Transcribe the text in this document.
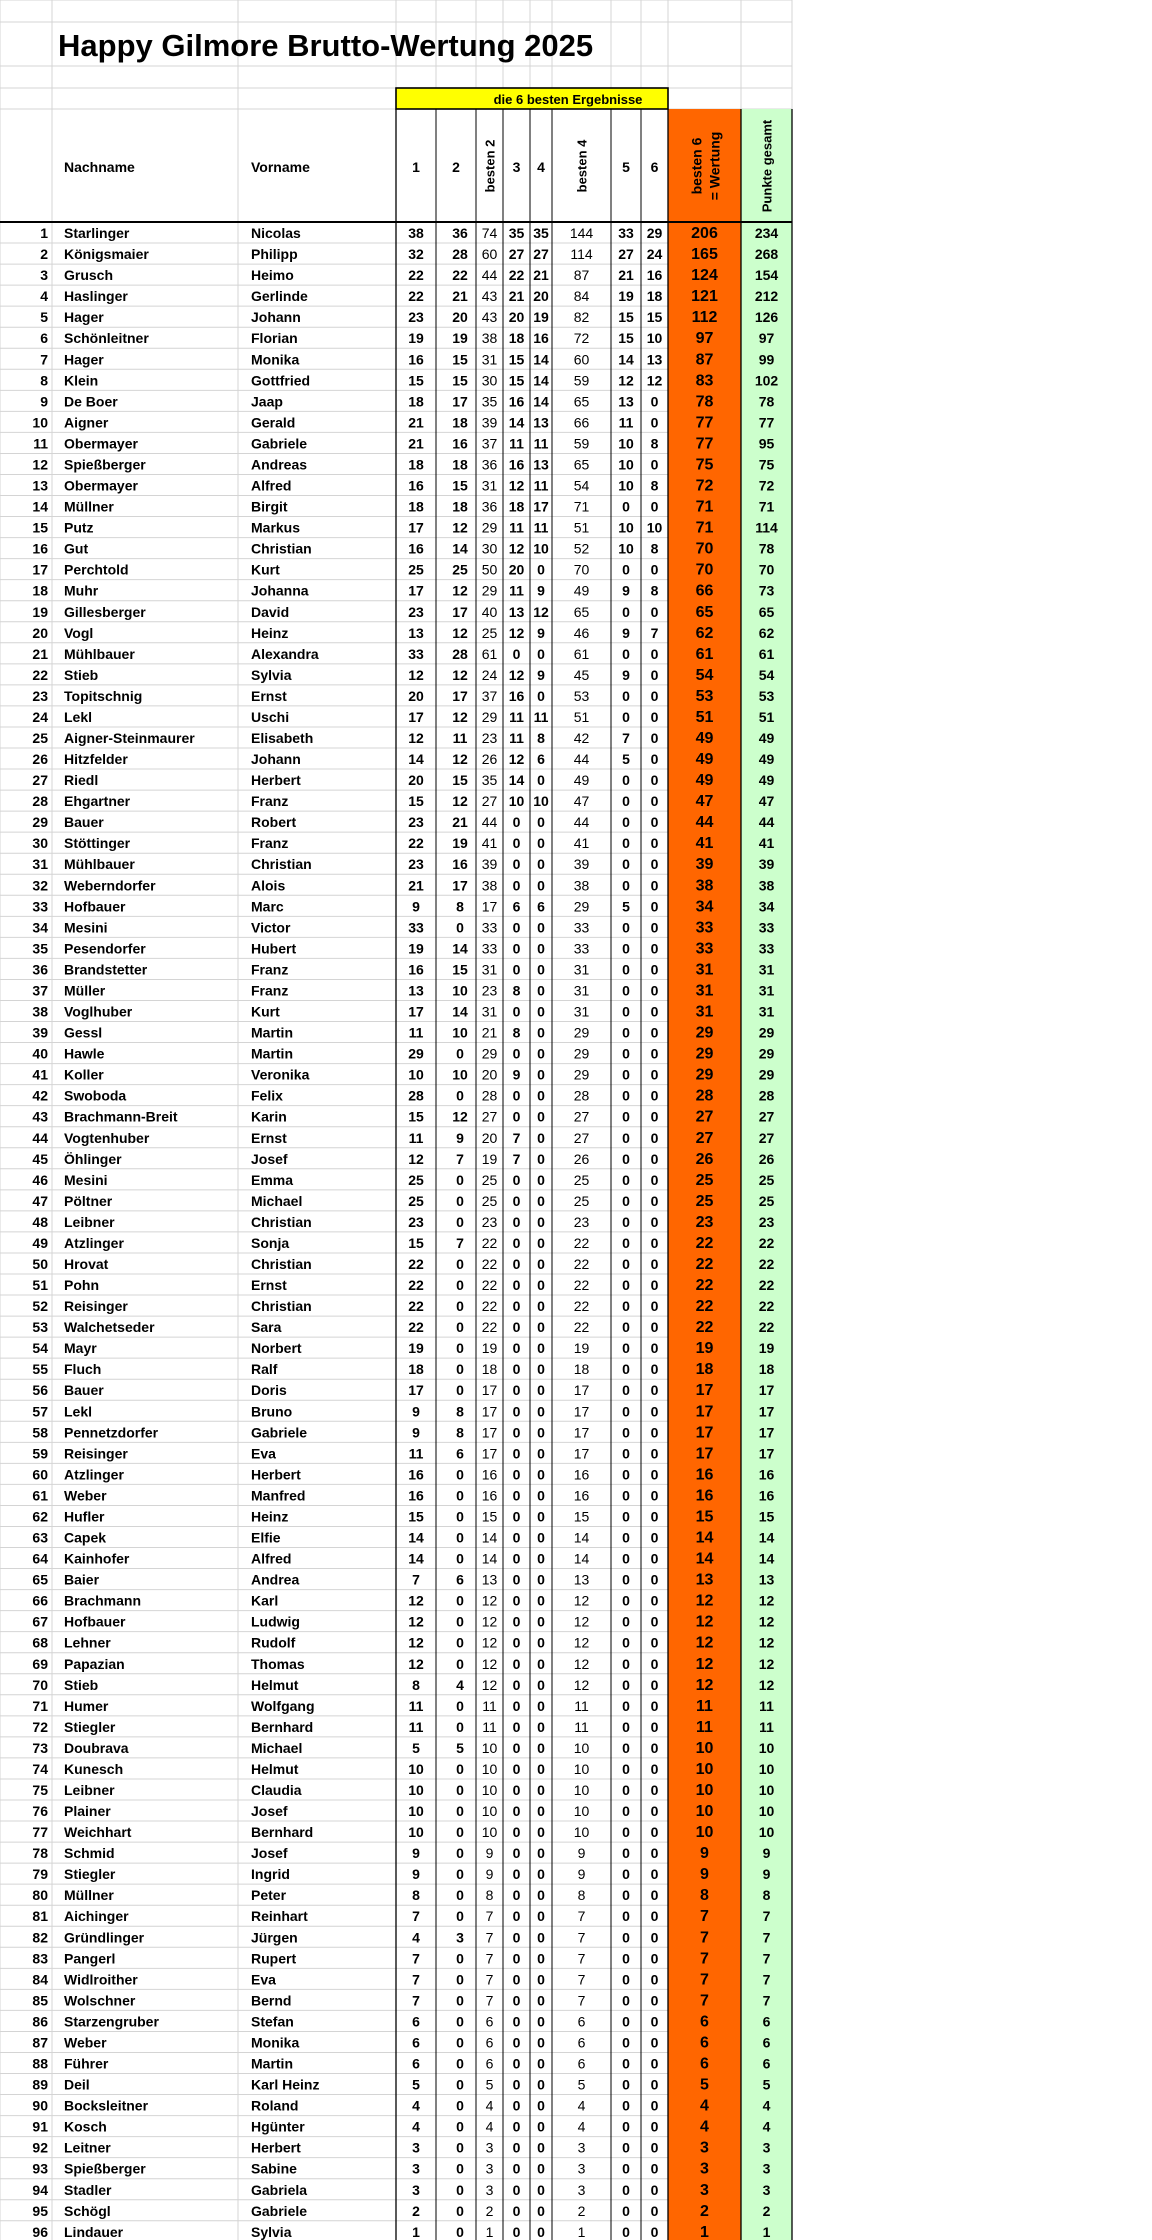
Happy Gilmore Brutto-Wertung 2025
die 6 besten Ergebnisse
Nachname	Vorname	1 2	3 4	5 6
besten 2	besten 4	besten 6 = Wertung	Punkte gesamt
1 Starlinger	Nicolas	38 36 74 35 35 144 33 29 206	234
2 Königsmaier	Philipp	32 28 60 27 27 114 27 24 165	268
3 Grusch	Heimo	22 22 44 22 21 87 21 16 124	154
4 Haslinger	Gerlinde	22 21 43 21 20 84 19 18 121	212
5 Hager	Johann	23 20 43 20 19 82 15 15 112	126
6 Schönleitner	Florian	19 19 38 18 16 72 15 10 97	97
7 Hager	Monika	16 15 31 15 14 60 14 13 87	99
8 Klein	Gottfried	15 15 30 15 14 59 12 12 83	102
9 De Boer	Jaap	18 17 35 16 14 65 13 0 78	78
10 Aigner	Gerald	21 18 39 14 13 66 11 0 77	77
11 Obermayer	Gabriele	21 16 37 11 11 59 10 8 77	95
12 Spießberger	Andreas	18 18 36 16 13 65 10 0 75	75
13 Obermayer	Alfred	16 15 31 12 11 54 10 8 72	72
14 Müllner	Birgit	18 18 36 18 17 71 0 0 71	71
15 Putz	Markus	17 12 29 11 11 51 10 10 71	114
16 Gut	Christian	16 14 30 12 10 52 10 8 70	78
17 Perchtold	Kurt	25 25 50 20 0 70 0 0 70	70
18 Muhr	Johanna	17 12 29 11 9 49 9 8 66	73
19 Gillesberger	David	23 17 40 13 12 65 0 0 65	65
20 Vogl	Heinz	13 12 25 12 9 46 9 7 62	62
21 Mühlbauer	Alexandra	33 28 61 0 0 61 0 0 61	61
22 Stieb	Sylvia	12 12 24 12 9 45 9 0 54	54
23 Topitschnig	Ernst	20 17 37 16 0 53 0 0 53	53
24 Lekl	Uschi	17 12 29 11 11 51 0 0 51	51
25 Aigner-Steinmaurer	Elisabeth	12 11 23 11 8 42 7 0 49	49
26 Hitzfelder	Johann	14 12 26 12 6 44 5 0 49	49
27 Riedl	Herbert	20 15 35 14 0 49 0 0 49	49
28 Ehgartner	Franz	15 12 27 10 10 47 0 0 47	47
29 Bauer	Robert	23 21 44 0 0 44 0 0 44	44
30 Stöttinger	Franz	22 19 41 0 0 41 0 0 41	41
31 Mühlbauer	Christian	23 16 39 0 0 39 0 0 39	39
32 Weberndorfer	Alois	21 17 38 0 0 38 0 0 38	38
33 Hofbauer	Marc	9	8 17 6 6 29 5 0 34	34
34 Mesini	Victor	33 0 33 0 0 33 0 0 33	33
35 Pesendorfer	Hubert	19 14 33 0 0 33 0 0 33	33
36 Brandstetter	Franz	16 15 31 0 0 31 0 0 31	31
37 Müller	Franz	13 10 23 8 0 31 0 0 31	31
38 Voglhuber	Kurt	17 14 31 0 0 31 0 0 31	31
39 Gessl	Martin	11 10 21 8 0 29 0 0 29	29
40 Hawle	Martin	29 0 29 0 0 29 0 0 29	29
41 Koller	Veronika	10 10 20 9 0 29 0 0 29	29
42 Swoboda	Felix	28 0 28 0 0 28 0 0 28	28
43 Brachmann-Breit	Karin	15 12 27 0 0 27 0 0 27	27
44 Vogtenhuber	Ernst	11 9 20 7 0 27 0 0 27	27
45 Öhlinger	Josef	12 7 19 7 0 26 0 0 26	26
46 Mesini	Emma	25 0 25 0 0 25 0 0 25	25
47 Pöltner	Michael	25 0 25 0 0 25 0 0 25	25
48 Leibner	Christian	23 0 23 0 0 23 0 0 23	23
49 Atzlinger	Sonja	15 7 22 0 0 22 0 0 22	22
50 Hrovat	Christian	22 0 22 0 0 22 0 0 22	22
51 Pohn	Ernst	22 0 22 0 0 22 0 0 22	22
52 Reisinger	Christian	22 0 22 0 0 22 0 0 22	22
53 Walchetseder	Sara	22 0 22 0 0 22 0 0 22	22
54 Mayr	Norbert	19 0 19 0 0 19 0 0 19	19
55 Fluch	Ralf	18 0 18 0 0 18 0 0 18	18
56 Bauer	Doris	17 0 17 0 0 17 0 0 17	17
57 Lekl	Bruno	9	8 17 0 0 17 0 0 17	17
58 Pennetzdorfer	Gabriele	9	8 17 0 0 17 0 0 17	17
59 Reisinger	Eva	11 6 17 0 0 17 0 0 17	17
60 Atzlinger	Herbert	16 0 16 0 0 16 0 0 16	16
61 Weber	Manfred	16 0 16 0 0 16 0 0 16	16
62 Hufler	Heinz	15 0 15 0 0 15 0 0 15	15
63 Capek	Elfie	14 0 14 0 0 14 0 0 14	14
64 Kainhofer	Alfred	14 0 14 0 0 14 0 0 14	14
65 Baier	Andrea	7	6 13 0 0 13 0 0 13	13
66 Brachmann	Karl	12 0 12 0 0 12 0 0 12	12
67 Hofbauer	Ludwig	12 0 12 0 0 12 0 0 12	12
68 Lehner	Rudolf	12 0 12 0 0 12 0 0 12	12
69 Papazian	Thomas	12 0 12 0 0 12 0 0 12	12
70 Stieb	Helmut	8	4 12 0 0 12 0 0 12	12
71 Humer	Wolfgang	11 0 11 0 0 11 0 0 11	11
72 Stiegler	Bernhard	11 0 11 0 0 11 0 0 11	11
73 Doubrava	Michael	5	5 10 0 0 10 0 0 10	10
74 Kunesch	Helmut	10 0 10 0 0 10 0 0 10	10
75 Leibner	Claudia	10 0 10 0 0 10 0 0 10	10
76 Plainer	Josef	10 0 10 0 0 10 0 0 10	10
77 Weichhart	Bernhard	10 0 10 0 0 10 0 0 10	10
78 Schmid	Josef	9	0 9 0 0 9	0 0	9	9
79 Stiegler	Ingrid	9	0 9 0 0 9	0 0	9	9
80 Müllner	Peter	8	0 8 0 0 8	0 0	8	8
81 Aichinger	Reinhart	7	0 7 0 0 7	0 0	7	7
82 Gründlinger	Jürgen	4	3 7 0 0 7	0 0	7	7
83 Pangerl	Rupert	7	0 7 0 0 7	0 0	7	7
84 Widlroither	Eva	7	0 7 0 0 7	0 0	7	7
85 Wolschner	Bernd	7	0 7 0 0 7	0 0	7	7
86 Starzengruber	Stefan	6	0 6 0 0 6	0 0	6	6
87 Weber	Monika	6	0 6 0 0 6	0 0	6	6
88 Führer	Martin	6	0 6 0 0 6	0 0	6	6
89 Deil	Karl Heinz	5	0 5 0 0 5	0 0	5	5
90 Bocksleitner	Roland	4	0 4 0 0 4	0 0	4	4
91 Kosch	Hgünter	4	0 4 0 0 4	0 0	4	4
92 Leitner	Herbert	3	0 3 0 0 3	0 0	3	3
93 Spießberger	Sabine	3	0 3 0 0 3	0 0	3	3
94 Stadler	Gabriela	3	0 3 0 0 3	0 0	3	3
95 Schögl	Gabriele	2	0 2 0 0 2	0 0	2	2
96 Lindauer	Sylvia	1	0 1 0 0 1	0 0	1	1
